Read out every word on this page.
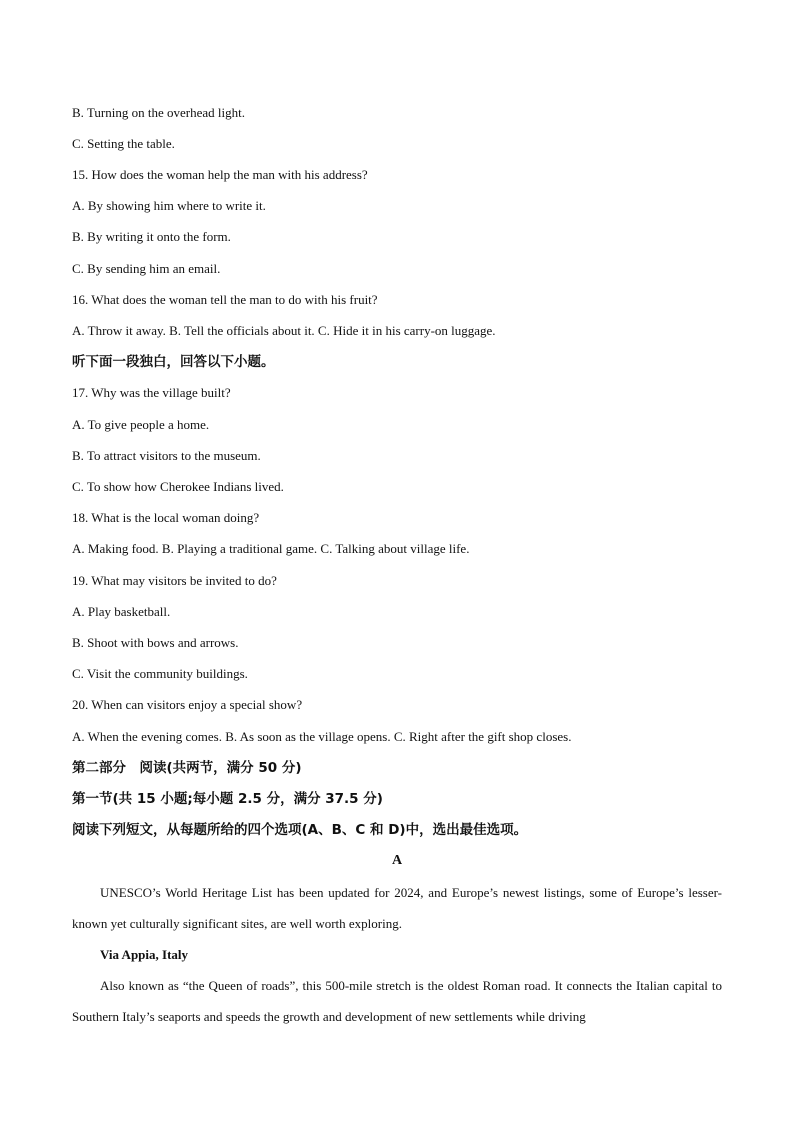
B. Turning on the overhead light.
C. Setting the table.
15. How does the woman help the man with his address?
A. By showing him where to write it.
B. By writing it onto the form.
C. By sending him an email.
16. What does the woman tell the man to do with his fruit?
A. Throw it away. B. Tell the officials about it. C. Hide it in his carry-on luggage.
听下面一段独白，回答以下小题。
17. Why was the village built?
A. To give people a home.
B. To attract visitors to the museum.
C. To show how Cherokee Indians lived.
18. What is the local woman doing?
A. Making food. B. Playing a traditional game. C. Talking about village life.
19. What may visitors be invited to do?
A. Play basketball.
B. Shoot with bows and arrows.
C. Visit the community buildings.
20. When can visitors enjoy a special show?
A. When the evening comes. B. As soon as the village opens. C. Right after the gift shop closes.
第二部分　阅读(共两节，满分 50 分)
第一节(共 15 小题;每小题 2.5 分，满分 37.5 分)
阅读下列短文，从每题所给的四个选项(A、B、C 和 D)中，选出最佳选项。
A
UNESCO’s World Heritage List has been updated for 2024, and Europe’s newest listings, some of Europe’s lesser-known yet culturally significant sites, are well worth exploring.
Via Appia, Italy
Also known as “the Queen of roads”, this 500-mile stretch is the oldest Roman road. It connects the Italian capital to Southern Italy’s seaports and speeds the growth and development of new settlements while driving
